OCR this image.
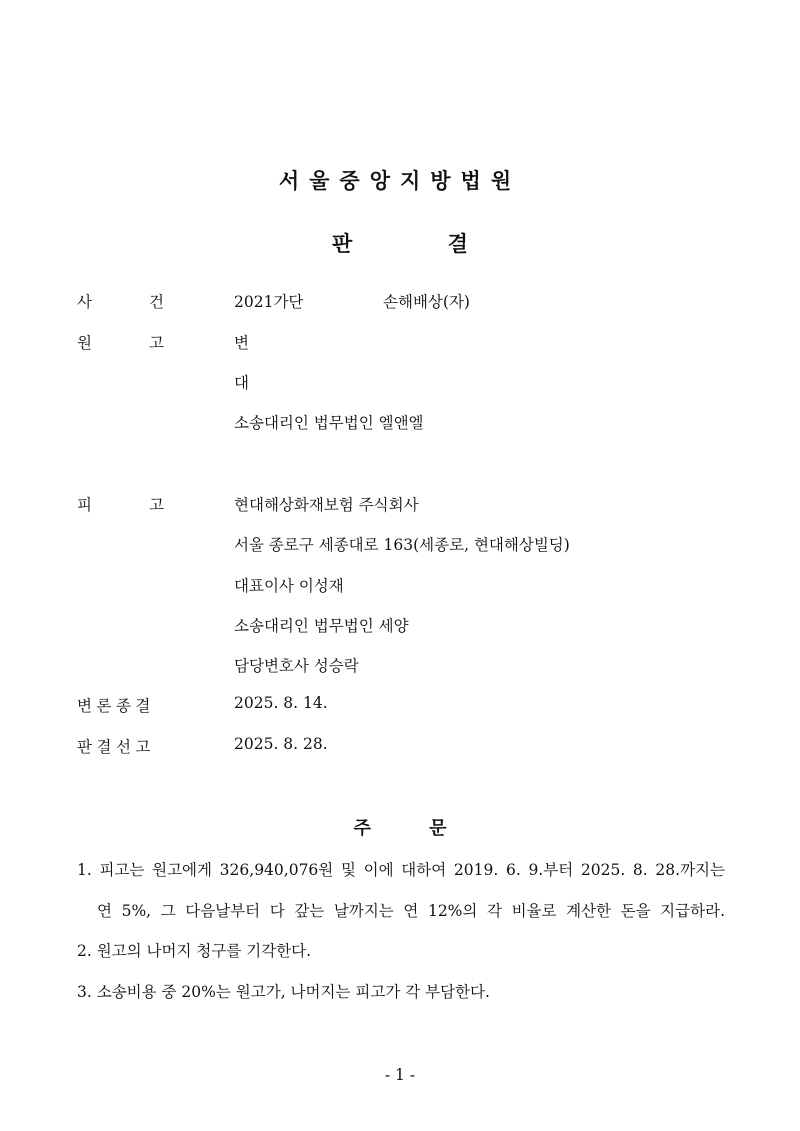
서울중앙지방법원
판	결
사	건	2021가단	손해배상(자)
원	고	변
대
소송대리인 법무법인 엘앤엘
피	고	현대해상화재보험 주식회사
서울 종로구 세종대로 163(세종로, 현대해상빌딩)
대표이사 이성재
소송대리인 법무법인 세양
담당변호사 성승락
변론종결	2025. 8. 14.
판결선고	2025. 8. 28.
주	문
1. 피고는 원고에게 326,940,076원 및 이에 대하여 2019. 6. 9.부터 2025. 8. 28.까지는
연 5%, 그 다음날부터 다 갚는 날까지는 연 12%의 각 비율로 계산한 돈을 지급하라.
2. 원고의 나머지 청구를 기각한다.
3. 소송비용 중 20%는 원고가, 나머지는 피고가 각 부담한다.
- 1 -
